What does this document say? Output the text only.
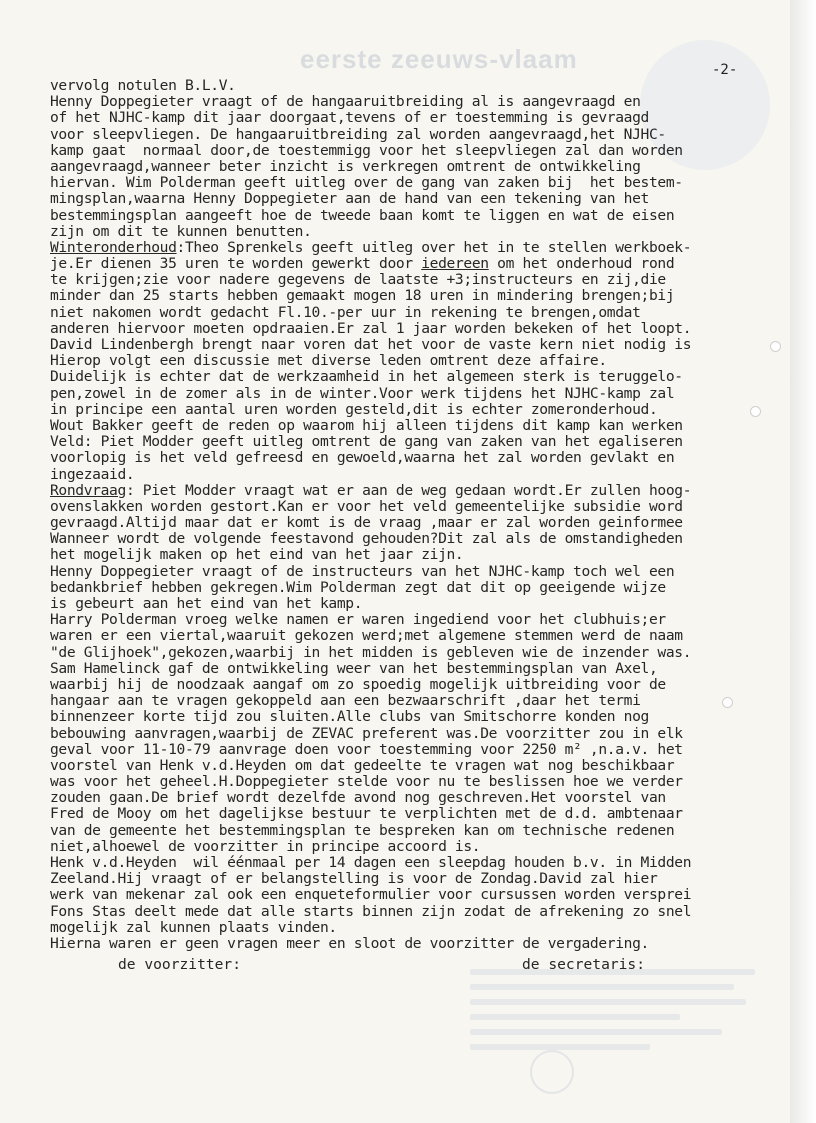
eerste zeeuws-vlaam	-2-
vervolg notulen B.L.V.
Henny Doppegieter vraagt of de hangaaruitbreiding al is aangevraagd en
of het NJHC-kamp dit jaar doorgaat,tevens of er toestemming is gevraagd
voor sleepvliegen. De hangaaruitbreiding zal worden aangevraagd,het NJHC-
kamp gaat  normaal door,de toestemmigg voor het sleepvliegen zal dan worden
aangevraagd,wanneer beter inzicht is verkregen omtrent de ontwikkeling
hiervan. Wim Polderman geeft uitleg over de gang van zaken bij  het bestem-
mingsplan,waarna Henny Doppegieter aan de hand van een tekening van het
bestemmingsplan aangeeft hoe de tweede baan komt te liggen en wat de eisen
zijn om dit te kunnen benutten.
Winteronderhoud:Theo Sprenkels geeft uitleg over het in te stellen werkboek-
je.Er dienen 35 uren te worden gewerkt door iedereen om het onderhoud rond
te krijgen;zie voor nadere gegevens de laatste +3;instructeurs en zij,die
minder dan 25 starts hebben gemaakt mogen 18 uren in mindering brengen;bij
niet nakomen wordt gedacht Fl.10.-per uur in rekening te brengen,omdat
anderen hiervoor moeten opdraaien.Er zal 1 jaar worden bekeken of het loopt.
David Lindenbergh brengt naar voren dat het voor de vaste kern niet nodig is
Hierop volgt een discussie met diverse leden omtrent deze affaire.
Duidelijk is echter dat de werkzaamheid in het algemeen sterk is teruggelo-
pen,zowel in de zomer als in de winter.Voor werk tijdens het NJHC-kamp zal
in principe een aantal uren worden gesteld,dit is echter zomeronderhoud.
Wout Bakker geeft de reden op waarom hij alleen tijdens dit kamp kan werken
Veld: Piet Modder geeft uitleg omtrent de gang van zaken van het egaliseren
voorlopig is het veld gefreesd en gewoeld,waarna het zal worden gevlakt en
ingezaaid.
Rondvraag: Piet Modder vraagt wat er aan de weg gedaan wordt.Er zullen hoog-
ovenslakken worden gestort.Kan er voor het veld gemeentelijke subsidie word
gevraagd.Altijd maar dat er komt is de vraag ,maar er zal worden geinformee
Wanneer wordt de volgende feestavond gehouden?Dit zal als de omstandigheden
het mogelijk maken op het eind van het jaar zijn.
Henny Doppegieter vraagt of de instructeurs van het NJHC-kamp toch wel een
bedankbrief hebben gekregen.Wim Polderman zegt dat dit op geeigende wijze
is gebeurt aan het eind van het kamp.
Harry Polderman vroeg welke namen er waren ingediend voor het clubhuis;er
waren er een viertal,waaruit gekozen werd;met algemene stemmen werd de naam
"de Glijhoek",gekozen,waarbij in het midden is gebleven wie de inzender was.
Sam Hamelinck gaf de ontwikkeling weer van het bestemmingsplan van Axel,
waarbij hij de noodzaak aangaf om zo spoedig mogelijk uitbreiding voor de
hangaar aan te vragen gekoppeld aan een bezwaarschrift ,daar het termi
binnenzeer korte tijd zou sluiten.Alle clubs van Smitschorre konden nog
bebouwing aanvragen,waarbij de ZEVAC preferent was.De voorzitter zou in elk
geval voor 11-10-79 aanvrage doen voor toestemming voor 2250 m² ,n.a.v. het
voorstel van Henk v.d.Heyden om dat gedeelte te vragen wat nog beschikbaar
was voor het geheel.H.Doppegieter stelde voor nu te beslissen hoe we verder
zouden gaan.De brief wordt dezelfde avond nog geschreven.Het voorstel van
Fred de Mooy om het dagelijkse bestuur te verplichten met de d.d. ambtenaar
van de gemeente het bestemmingsplan te bespreken kan om technische redenen
niet,alhoewel de voorzitter in principe accoord is.
Henk v.d.Heyden  wil éénmaal per 14 dagen een sleepdag houden b.v. in Midden
Zeeland.Hij vraagt of er belangstelling is voor de Zondag.David zal hier
werk van mekenar zal ook een enqueteformulier voor cursussen worden versprei
Fons Stas deelt mede dat alle starts binnen zijn zodat de afrekening zo snel
mogelijk zal kunnen plaats vinden.
Hierna waren er geen vragen meer en sloot de voorzitter de vergadering.
de voorzitter:	de secretaris:
